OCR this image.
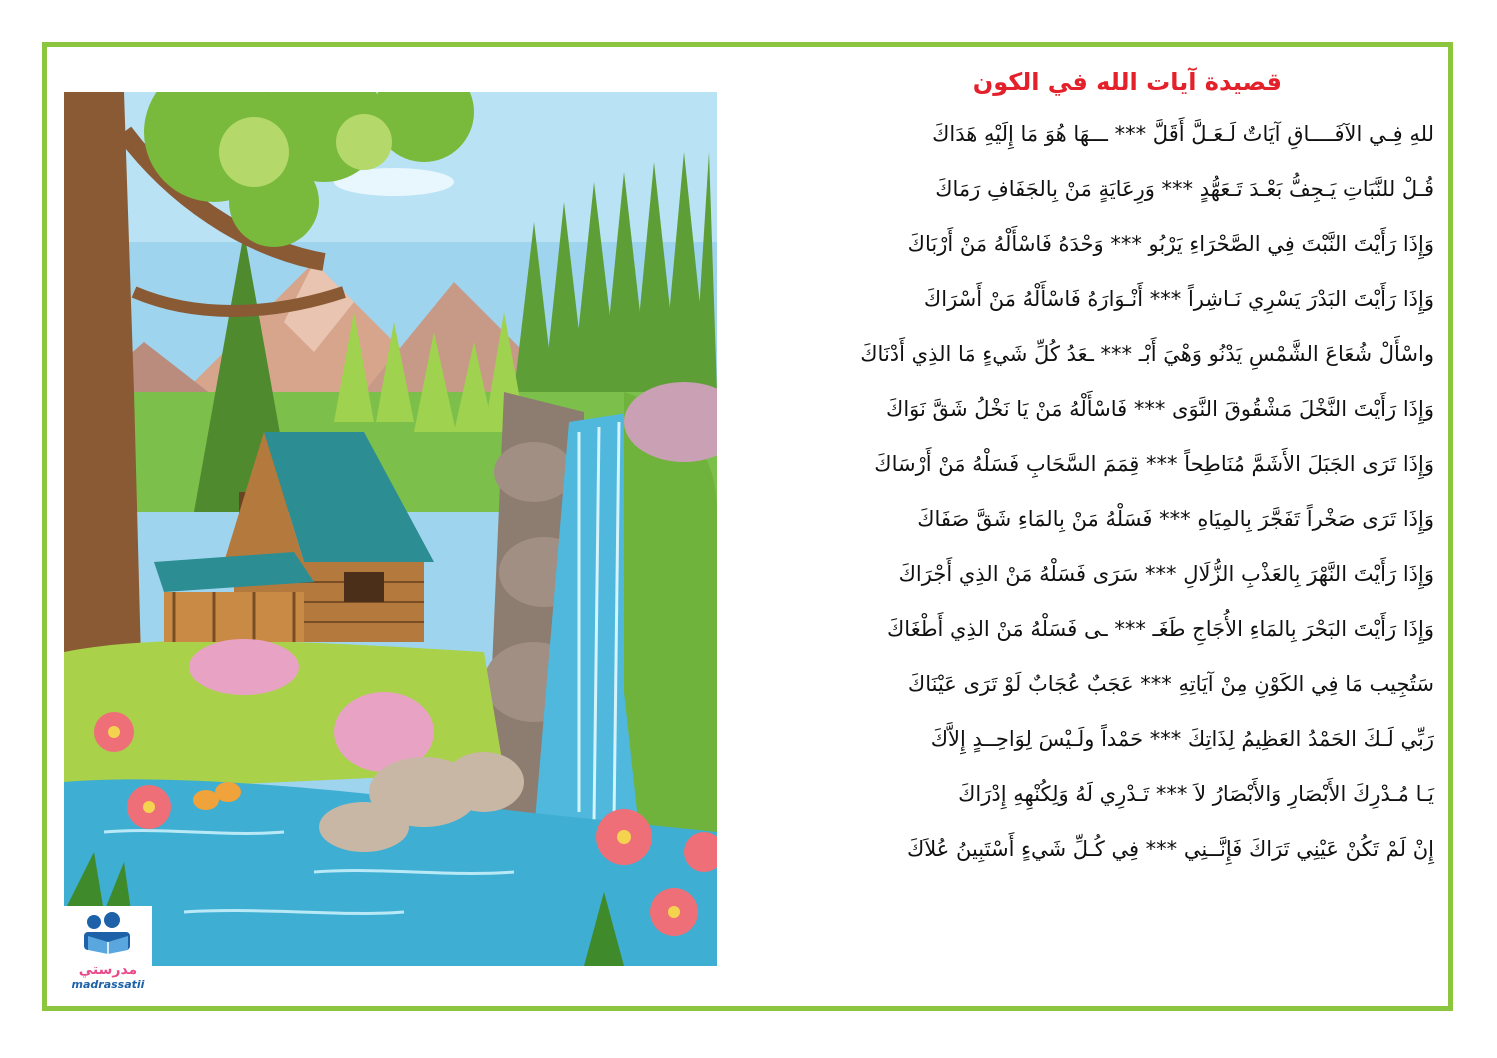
مدرستي
madrassatii
قصيدة آيات الله في الكون
للهِ فِـي الآفَــــاقِ آيَاتٌ لَـعَـلَّ أَقَلَّ *** ـــهَا هُوَ مَا إِلَيْهِ هَدَاكَ
قُـلْ للنَّبَاتِ يَـجِفُّ بَعْـدَ تَـعَهُّدٍ *** وَرِعَايَةٍ مَنْ بِالجَفَافِ رَمَاكَ
وَإِذَا رَأَيْتَ النَّبْتَ فِي الصَّحْرَاءِ يَرْبُو *** وَحْدَهُ فَاسْأَلْهُ مَنْ أَرْبَاكَ
وَإِذَا رَأَيْتَ البَدْرَ يَسْرِي نَـاشِراً *** أَنْـوَارَهُ فَاسْأَلْهُ مَنْ أَسْرَاكَ
واسْأَلْ شُعَاعَ الشَّمْسِ يَدْنُو وَهْيَ أَبْـ *** ـعَدُ كُلِّ شَيءٍ مَا الذِي أَدْنَاكَ
وَإِذَا رَأَيْتَ النَّخْلَ مَشْقُوقَ النَّوَى *** فَاسْأَلْهُ مَنْ يَا نَخْلُ شَقَّ نَوَاكَ
وَإِذَا تَرَى الجَبَلَ الأَشَمَّ مُنَاطِحاً *** قِمَمَ السَّحَابِ فَسَلْهُ مَنْ أَرْسَاكَ
وَإِذَا تَرَى صَخْراً تَفَجَّرَ بِالمِيَاهِ *** فَسَلْهُ مَنْ بِالمَاءِ شَقَّ صَفَاكَ
وَإِذَا رَأَيْتَ النَّهْرَ بِالعَذْبِ الزُّلَالِ *** سَرَى فَسَلْهُ مَنْ الذِي أَجْرَاكَ
وَإِذَا رَأَيْتَ البَحْرَ بِالمَاءِ الأُجَاجِ طَغَـ *** ـى فَسَلْهُ مَنْ الذِي أَطْغَاكَ
سَتُجِيب مَا فِي الكَوْنِ مِنْ آيَاتِهِ *** عَجَبٌ عُجَابٌ لَوْ تَرَى عَيْنَاكَ
رَبِّي لَـكَ الحَمْدُ العَظِيمُ لِذَاتِكَ *** حَمْداً ولَـيْسَ لِوَاحِــدٍ إِلاَّكَ
يَـا مُـدْرِكَ الأَبْصَارِ وَالأَبْصَارُ لاَ *** تَـدْرِي لَهُ وَلِكُنْهِهِ إِدْرَاكَ
إِنْ لَمْ تَكُنْ عَيْنِي تَرَاكَ فَإِنَّــنِي *** فِي كُـلِّ شَيءٍ أَسْتَبِينُ عُلاَكَ
